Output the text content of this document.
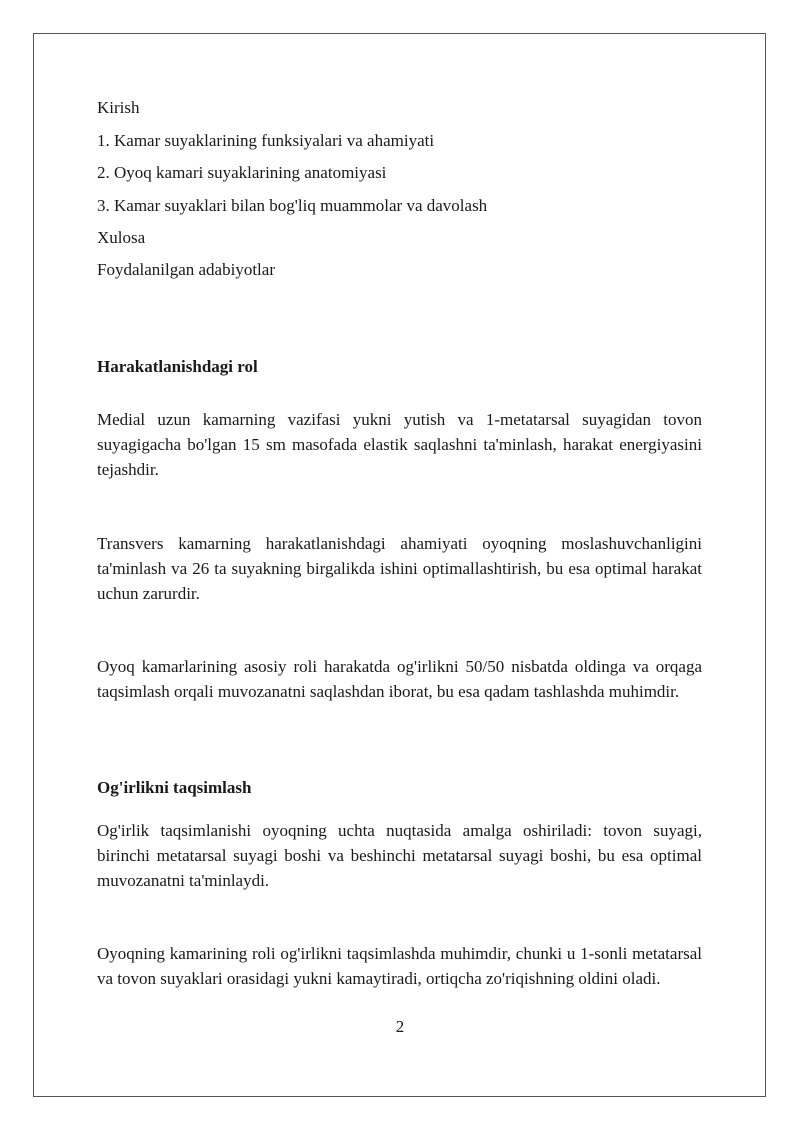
Kirish
1. Kamar suyaklarining funksiyalari va ahamiyati
2. Oyoq kamari suyaklarining anatomiyasi
3. Kamar suyaklari bilan bog'liq muammolar va davolash
Xulosa
Foydalanilgan adabiyotlar
Harakatlanishdagi rol
Medial uzun kamarning vazifasi yukni yutish va 1-metatarsal suyagidan tovon suyagigacha bo'lgan 15 sm masofada elastik saqlashni ta'minlash, harakat energiyasini tejashdir.
Transvers kamarning harakatlanishdagi ahamiyati oyoqning moslashuvchanligini ta'minlash va 26 ta suyakning birgalikda ishini optimallashtirish, bu esa optimal harakat uchun zarurdir.
Oyoq kamarlarining asosiy roli harakatda og'irlikni 50/50 nisbatda oldinga va orqaga taqsimlash orqali muvozanatni saqlashdan iborat, bu esa qadam tashlashda muhimdir.
Og'irlikni taqsimlash
Og'irlik taqsimlanishi oyoqning uchta nuqtasida amalga oshiriladi: tovon suyagi, birinchi metatarsal suyagi boshi va beshinchi metatarsal suyagi boshi, bu esa optimal muvozanatni ta'minlaydi.
Oyoqning kamarining roli og'irlikni taqsimlashda muhimdir, chunki u 1-sonli metatarsal va tovon suyaklari orasidagi yukni kamaytiradi, ortiqcha zo'riqishning oldini oladi.
2
